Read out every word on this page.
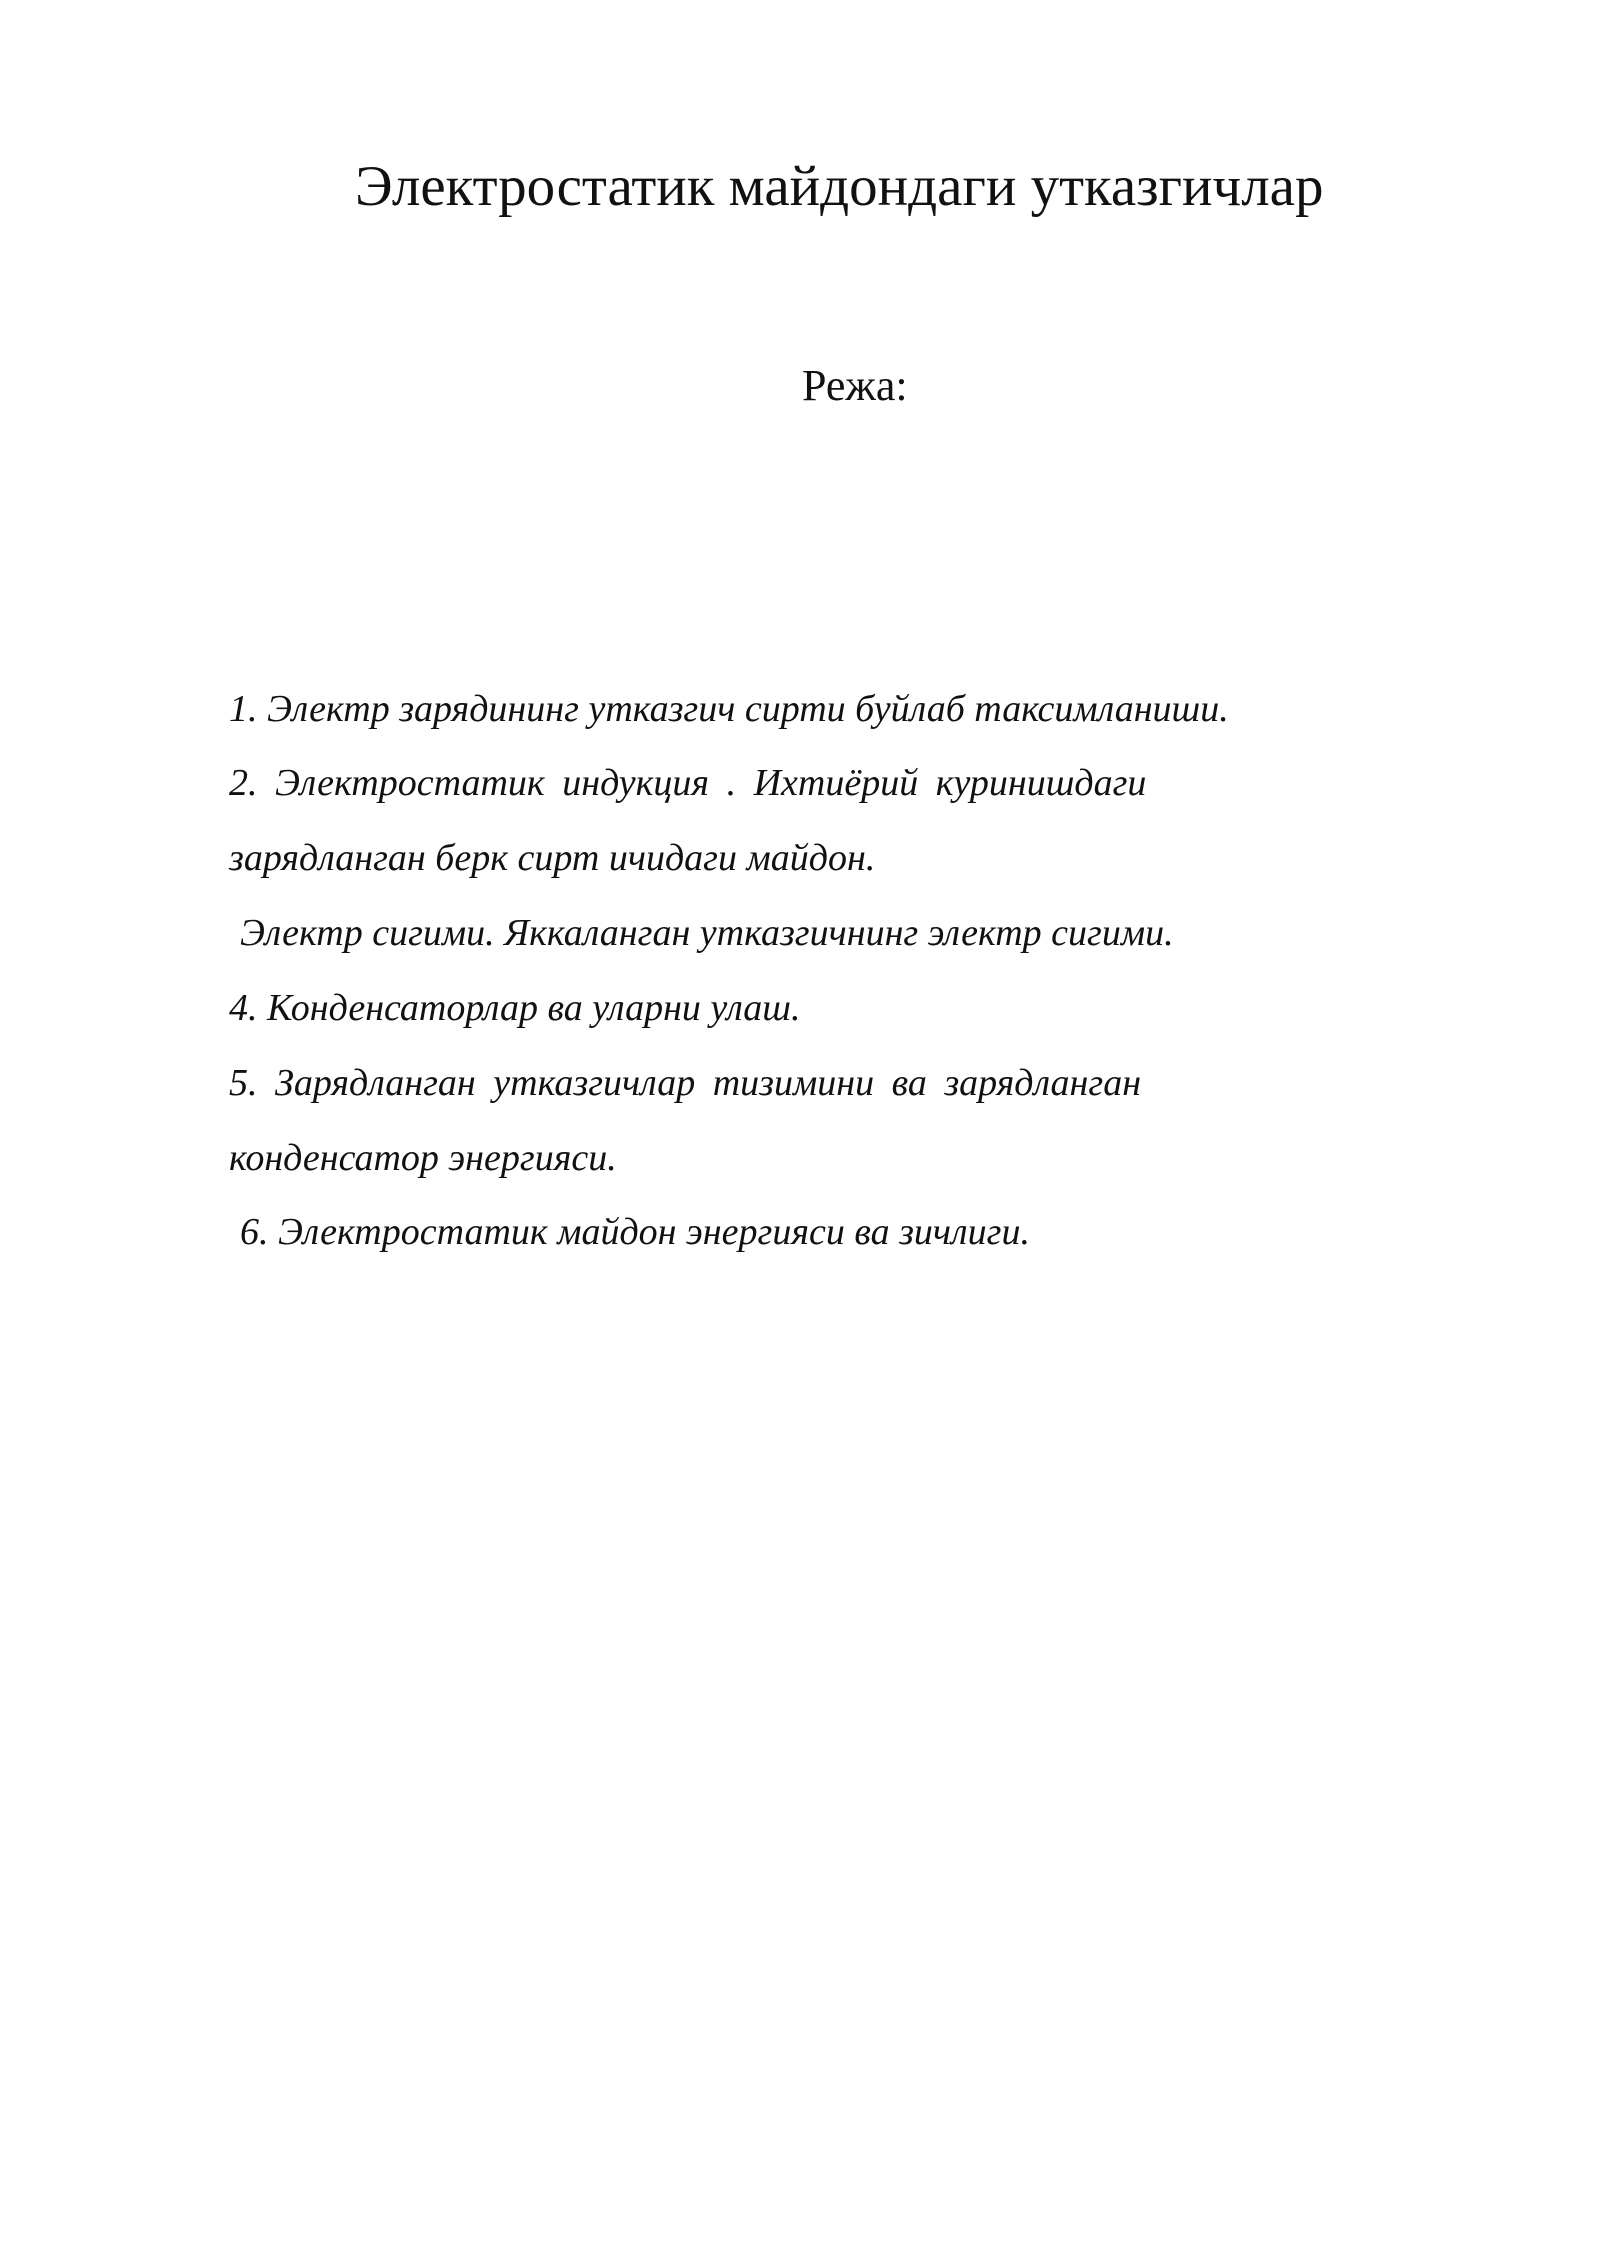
Электростатик майдондаги утказгичлар
Режа:

1. Электр зарядининг утказгич сирти буйлаб таксимланиши.

2. Электростатик индукция . Ихтиёрий куринишдаги

зарядланган берк сирт ичидаги майдон.

Электр сигими. Яккаланган утказгичнинг электр сигими.

4. Конденсаторлар ва уларни улаш.

5. Зарядланган утказгичлар тизимини ва зарядланган

конденсатор энергияси.

6. Электростатик майдон энергияси ва зичлиги.
